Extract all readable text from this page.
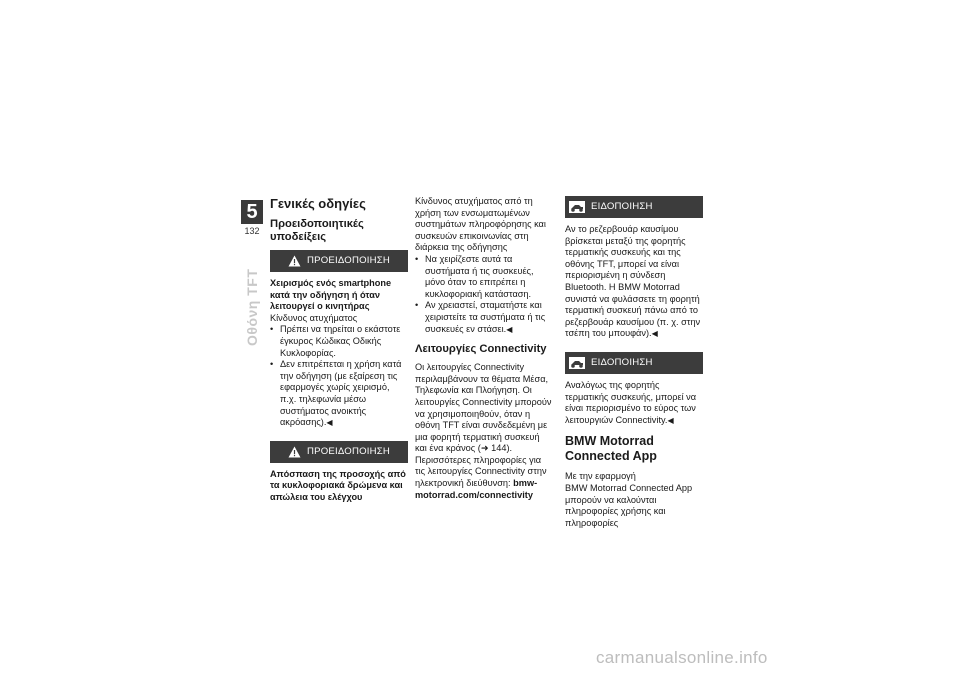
5
132
Οθόνη TFT
Γενικές οδηγίες
Προειδοποιητικές υποδείξεις
ΠΡΟΕΙΔΟΠΟΙΗΣΗ

Χειρισμός ενός smartphone κατά την οδήγηση ή όταν λειτουργεί ο κινητήρας

Κίνδυνος ατυχήματος

• Πρέπει να τηρείται ο εκάστοτε έγκυρος Κώδικας Οδικής Κυκλοφορίας.
• Δεν επιτρέπεται η χρήση κατά την οδήγηση (με εξαίρεση τις εφαρμογές χωρίς χειρισμό, π.χ. τηλεφωνία μέσω συστήματος ανοικτής ακρόασης).◀
ΠΡΟΕΙΔΟΠΟΙΗΣΗ

Απόσπαση της προσοχής από τα κυκλοφοριακά δρώμενα και απώλεια του ελέγχου

Κίνδυνος ατυχήματος από τη χρήση των ενσωματωμένων συστημάτων πληροφόρησης και συσκευών επικοινωνίας στη διάρκεια της οδήγησης

• Να χειρίζεστε αυτά τα συστήματα ή τις συσκευές, μόνο όταν το επιτρέπει η κυκλοφοριακή κατάσταση.
• Αν χρειαστεί, σταματήστε και χειριστείτε τα συστήματα ή τις συσκευές εν στάσει.◀
Λειτουργίες Connectivity

Οι λειτουργίες Connectivity περιλαμβάνουν τα θέματα Μέσα, Τηλεφωνία και Πλοήγηση. Οι λειτουργίες Connectivity μπορούν να χρησιμοποιηθούν, όταν η οθόνη TFT είναι συνδεδεμένη με μια φορητή τερματική συσκευή και ένα κράνος (➜ 144). Περισσότερες πληροφορίες για τις λειτουργίες Connectivity στην ηλεκτρονική διεύθυνση: bmw-motorrad.com/connectivity

ΕΙΔΟΠΟΙΗΣΗ

Αν το ρεζερβουάρ καυσίμου βρίσκεται μεταξύ της φορητής τερματικής συσκευής και της οθόνης TFT, μπορεί να είναι περιορισμένη η σύνδεση Bluetooth. Η BMW Motorrad συνιστά να φυλάσσετε τη φορητή τερματική συσκευή πάνω από το ρεζερβουάρ καυσίμου (π. χ. στην τσέπη του μπουφάν).◀

ΕΙΔΟΠΟΙΗΣΗ

Αναλόγως της φορητής τερματικής συσκευής, μπορεί να είναι περιορισμένο το εύρος των λειτουργιών Connectivity.◀

BMW Motorrad Connected App

Με την εφαρμογή

BMW Motorrad Connected App μπορούν να καλούνται πληροφορίες χρήσης και πληροφορίες

carmanualsonline.info
